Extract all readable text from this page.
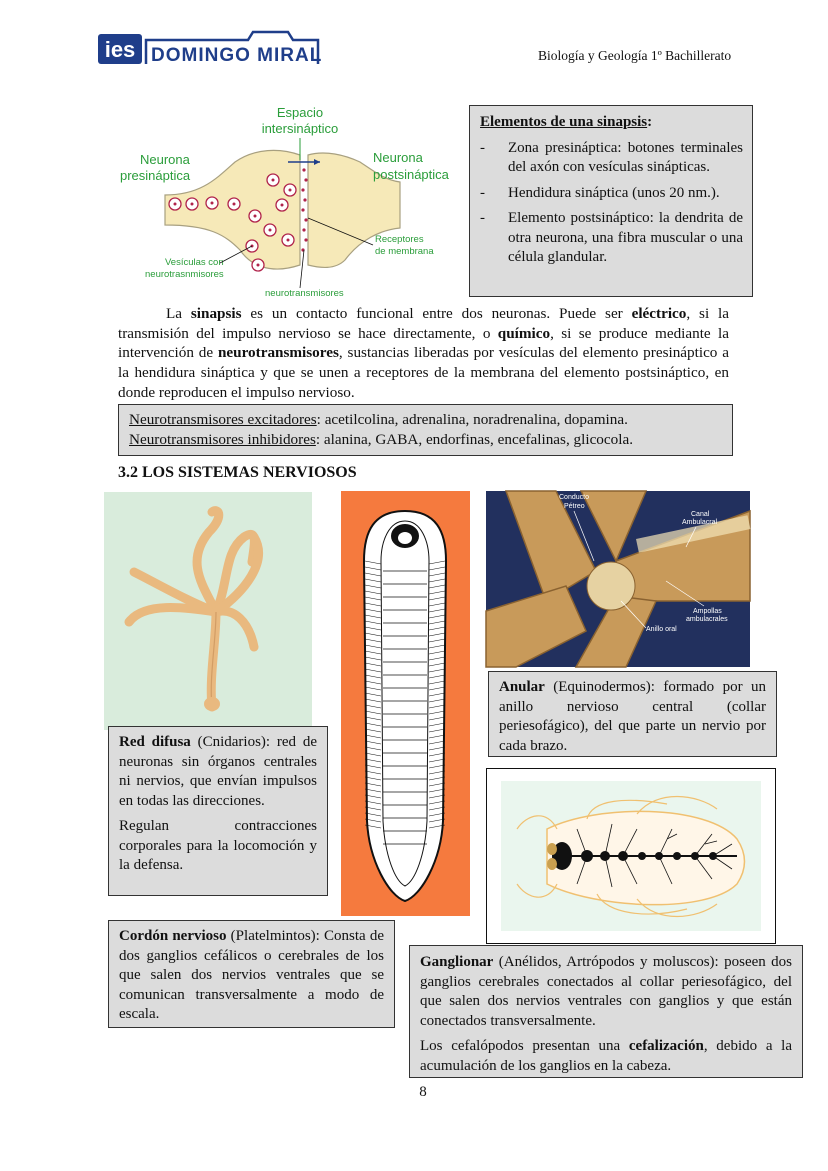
ies DOMINGO MIRAL	Biología y Geología 1º Bachillerato
Espacio
intersináptico
Neurona
presináptica
Neurona
postsináptica
Receptores
de membrana
Vesículas con
neurotrasnmisores
neurotransmisores
Elementos de una sinapsis:
-	Zona presináptica: botones terminales del axón con vesículas sinápticas.
-	Hendidura sináptica (unos 20 nm.).
-	Elemento postsináptico: la dendrita de otra neurona, una fibra muscular o una célula glandular.
La sinapsis es un contacto funcional entre dos neuronas. Puede ser eléctrico, si la transmisión del impulso nervioso se hace directamente, o químico, si se produce mediante la intervención de neurotransmisores, sustancias liberadas por vesículas del elemento presináptico a la hendidura sináptica y que se unen a receptores de la membrana del elemento postsináptico, en donde reproducen el impulso nervioso.
Neurotransmisores excitadores: acetilcolina, adrenalina, noradrenalina, dopamina.
Neurotransmisores inhibidores: alanina, GABA, endorfinas, encefalinas, glicocola.
3.2 LOS SISTEMAS NERVIOSOS
Conducto
Pétreo
Canal
Ambulacral
Ampollas
ambulacrales
Anillo oral
Anular (Equinodermos): formado por un anillo nervioso central (collar periesofágico), del que parte un nervio por cada brazo.

Red difusa (Cnidarios): red de neuronas sin órganos centrales ni nervios, que envían impulsos en todas las direcciones.

Regulan contracciones corporales para la locomoción y la defensa.

Cordón nervioso (Platelmintos): Consta de dos ganglios cefálicos o cerebrales de los que salen dos nervios ventrales que se comunican transversalmente a modo de escala.

Ganglionar (Anélidos, Artrópodos y moluscos): poseen dos ganglios cerebrales conectados al collar periesofágico, del que salen dos nervios ventrales con ganglios y que están conectados transversalmente.

Los cefalópodos presentan una cefalización, debido a la acumulación de los ganglios en la cabeza.

8
